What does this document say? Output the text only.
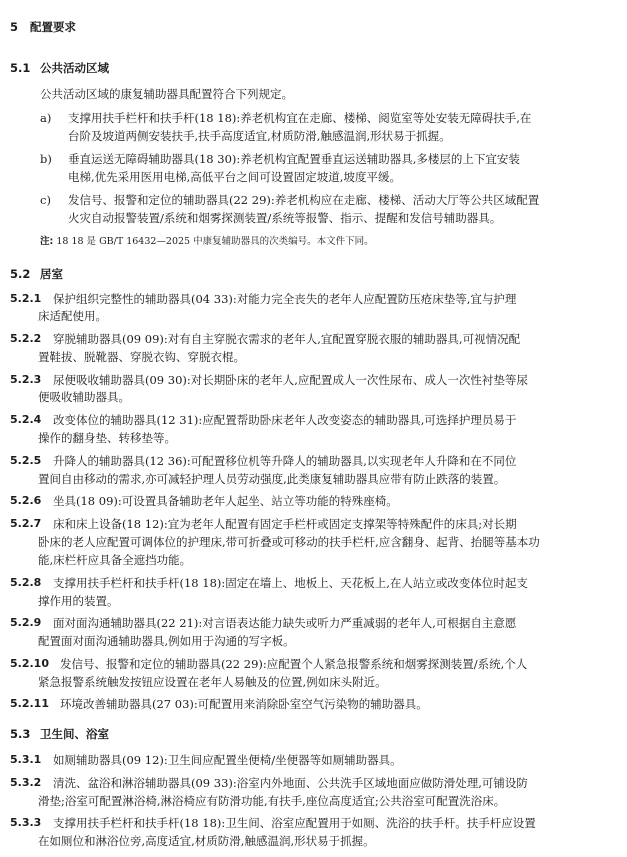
5 配置要求
5.1 公共活动区域
公共活动区域的康复辅助器具配置符合下列规定。
a) 支撑用扶手栏杆和扶手杆(18 18):养老机构宜在走廊、楼梯、阅览室等处安装无障碍扶手,在
台阶及坡道两侧安装扶手,扶手高度适宜,材质防滑,触感温润,形状易于抓握。
b) 垂直运送无障碍辅助器具(18 30):养老机构宜配置垂直运送辅助器具,多楼层的上下宜安装
电梯,优先采用医用电梯,高低平台之间可设置固定坡道,坡度平缓。
c) 发信号、报警和定位的辅助器具(22 29):养老机构应在走廊、楼梯、活动大厅等公共区域配置
火灾自动报警装置/系统和烟雾探测装置/系统等报警、指示、提醒和发信号辅助器具。
注: 18 18 是 GB/T 16432—2025 中康复辅助器具的次类编号。本文件下同。
5.2 居室
5.2.1 保护组织完整性的辅助器具(04 33):对能力完全丧失的老年人应配置防压疮床垫等,宜与护理
床适配使用。
5.2.2 穿脱辅助器具(09 09):对有自主穿脱衣需求的老年人,宜配置穿脱衣服的辅助器具,可视情况配
置鞋拔、脱靴器、穿脱衣钩、穿脱衣棍。
5.2.3 尿便吸收辅助器具(09 30):对长期卧床的老年人,应配置成人一次性尿布、成人一次性衬垫等尿
便吸收辅助器具。
5.2.4 改变体位的辅助器具(12 31):应配置帮助卧床老年人改变姿态的辅助器具,可选择护理员易于
操作的翻身垫、转移垫等。
5.2.5 升降人的辅助器具(12 36):可配置移位机等升降人的辅助器具,以实现老年人升降和在不同位
置间自由移动的需求,亦可减轻护理人员劳动强度,此类康复辅助器具应带有防止跌落的装置。
5.2.6 坐具(18 09):可设置具备辅助老年人起坐、站立等功能的特殊座椅。
5.2.7 床和床上设备(18 12):宜为老年人配置有固定手栏杆或固定支撑架等特殊配件的床具;对长期
卧床的老人应配置可调体位的护理床,带可折叠或可移动的扶手栏杆,应含翻身、起背、抬腿等基本功
能,床栏杆应具备全遮挡功能。
5.2.8 支撑用扶手栏杆和扶手杆(18 18):固定在墙上、地板上、天花板上,在人站立或改变体位时起支
撑作用的装置。
5.2.9 面对面沟通辅助器具(22 21):对言语表达能力缺失或听力严重减弱的老年人,可根据自主意愿
配置面对面沟通辅助器具,例如用于沟通的写字板。
5.2.10 发信号、报警和定位的辅助器具(22 29):应配置个人紧急报警系统和烟雾探测装置/系统,个人
紧急报警系统触发按钮应设置在老年人易触及的位置,例如床头附近。
5.2.11 环境改善辅助器具(27 03):可配置用来消除卧室空气污染物的辅助器具。
5.3 卫生间、浴室
5.3.1 如厕辅助器具(09 12):卫生间应配置坐便椅/坐便器等如厕辅助器具。
5.3.2 清洗、盆浴和淋浴辅助器具(09 33):浴室内外地面、公共洗手区域地面应做防滑处理,可铺设防
滑垫;浴室可配置淋浴椅,淋浴椅应有防滑功能,有扶手,座位高度适宜;公共浴室可配置洗浴床。
5.3.3 支撑用扶手栏杆和扶手杆(18 18):卫生间、浴室应配置用于如厕、洗浴的扶手杆。扶手杆应设置
在如厕位和淋浴位旁,高度适宜,材质防滑,触感温润,形状易于抓握。
